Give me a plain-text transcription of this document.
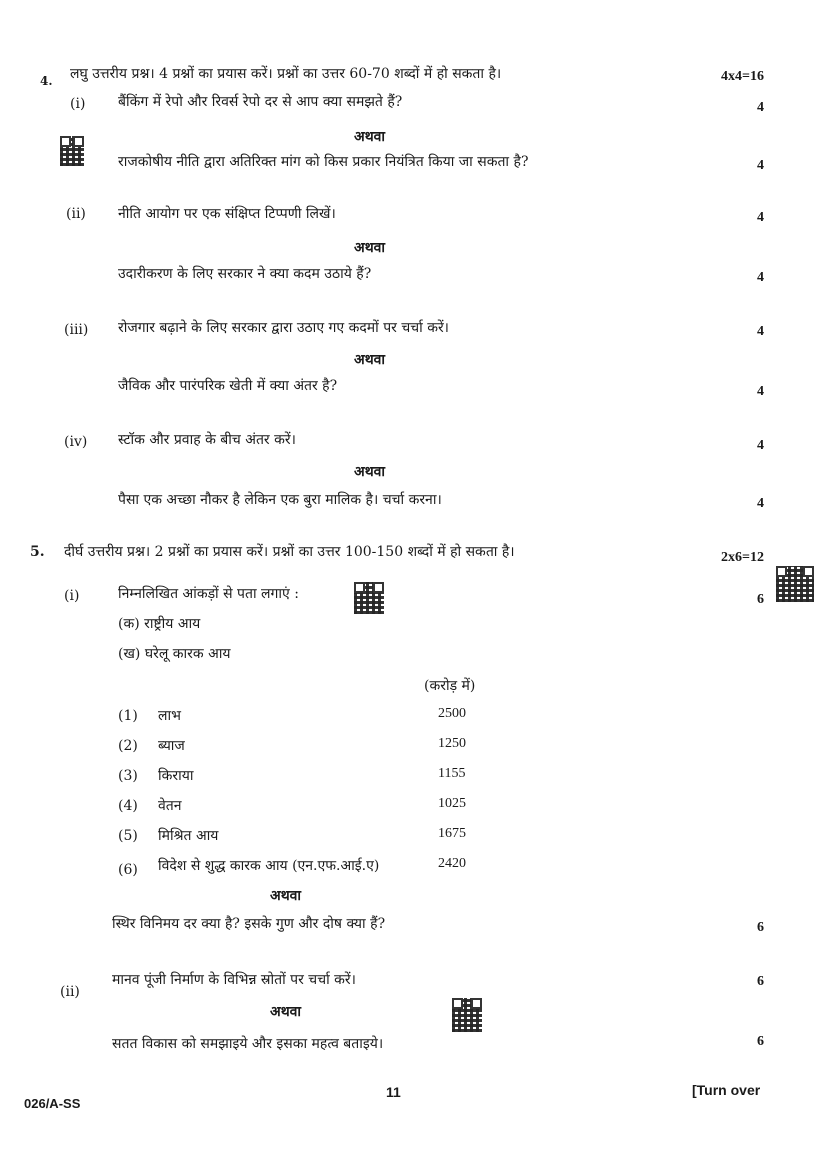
4. लघु उत्तरीय प्रश्न। 4 प्रश्नों का प्रयास करें। प्रश्नों का उत्तर 60-70 शब्दों में हो सकता है।	4x4=16
(i) बैंकिंग में रेपो और रिवर्स रेपो दर से आप क्या समझते हैं?	4
अथवा
राजकोषीय नीति द्वारा अतिरिक्त मांग को किस प्रकार नियंत्रित किया जा सकता है?	4
(ii) नीति आयोग पर एक संक्षिप्त टिप्पणी लिखें।	4
अथवा
उदारीकरण के लिए सरकार ने क्या कदम उठाये हैं?	4
(iii) रोजगार बढ़ाने के लिए सरकार द्वारा उठाए गए कदमों पर चर्चा करें।	4
अथवा
जैविक और पारंपरिक खेती में क्या अंतर है?	4
(iv) स्टॉक और प्रवाह के बीच अंतर करें।	4
अथवा
पैसा एक अच्छा नौकर है लेकिन एक बुरा मालिक है। चर्चा करना।	4
5. दीर्घ उत्तरीय प्रश्न। 2 प्रश्नों का प्रयास करें। प्रश्नों का उत्तर 100-150 शब्दों में हो सकता है।	2x6=12
(i)	निम्नलिखित आंकड़ों से पता लगाएं :	6
(क) राष्ट्रीय आय
(ख) घरेलू कारक आय
(करोड़ में)
(1) लाभ	2500
(2) ब्याज	1250
(3) किराया	1155
(4) वेतन	1025
(5) मिश्रित आय	1675
(6) विदेश से शुद्ध कारक आय (एन.एफ.आई.ए)	2420
अथवा
स्थिर विनिमय दर क्या है? इसके गुण और दोष क्या हैं?	6
(ii)
मानव पूंजी निर्माण के विभिन्न स्रोतों पर चर्चा करें।	6
अथवा
सतत विकास को समझाइये और इसका महत्व बताइये।	6
026/A-SS
11	[Turn over
